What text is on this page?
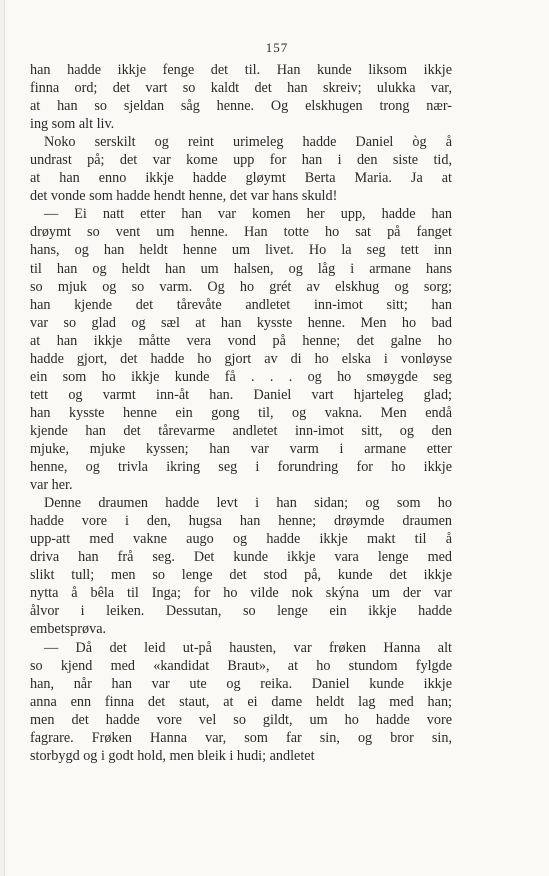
157
han hadde ikkje fenge det til. Han kunde liksom ikkje
finna ord; det vart so kaldt det han skreiv; ulukka var,
at han so sjeldan såg henne. Og elskhugen trong nær-
ing som alt liv.
Noko serskilt og reint urimeleg hadde Daniel òg å
undrast på; det var kome upp for han i den siste tid,
at han enno ikkje hadde gløymt Berta Maria. Ja at
det vonde som hadde hendt henne, det var hans skuld!
— Ei natt etter han var komen her upp, hadde han
drøymt so vent um henne. Han totte ho sat på fanget
hans, og han heldt henne um livet. Ho la seg tett inn
til han og heldt han um halsen, og låg i armane hans
so mjuk og so varm. Og ho grét av elskhug og sorg;
han kjende det tårevåte andletet inn-imot sitt; han
var so glad og sæl at han kysste henne. Men ho bad
at han ikkje måtte vera vond på henne; det galne ho
hadde gjort, det hadde ho gjort av di ho elska i vonløyse
ein som ho ikkje kunde få . . . og ho smøygde seg
tett og varmt inn-åt han. Daniel vart hjarteleg glad;
han kysste henne ein gong til, og vakna. Men endå
kjende han det tårevarme andletet inn-imot sitt, og den
mjuke, mjuke kyssen; han var varm i armane etter
henne, og trivla ikring seg i forundring for ho ikkje
var her.
Denne draumen hadde levt i han sidan; og som ho
hadde vore i den, hugsa han henne; drøymde draumen
upp-att med vakne augo og hadde ikkje makt til å
driva han frå seg. Det kunde ikkje vara lenge med
slikt tull; men so lenge det stod på, kunde det ikkje
nytta å bêla til Inga; for ho vilde nok skýna um der var
ålvor i leiken. Dessutan, so lenge ein ikkje hadde
embetsprøva.
— Då det leid ut-på hausten, var frøken Hanna alt
so kjend med «kandidat Braut», at ho stundom fylgde
han, når han var ute og reika. Daniel kunde ikkje
anna enn finna det staut, at ei dame heldt lag med han;
men det hadde vore vel so gildt, um ho hadde vore
fagrare. Frøken Hanna var, som far sin, og bror sin,
storbygd og i godt hold, men bleik i hudi; andletet
